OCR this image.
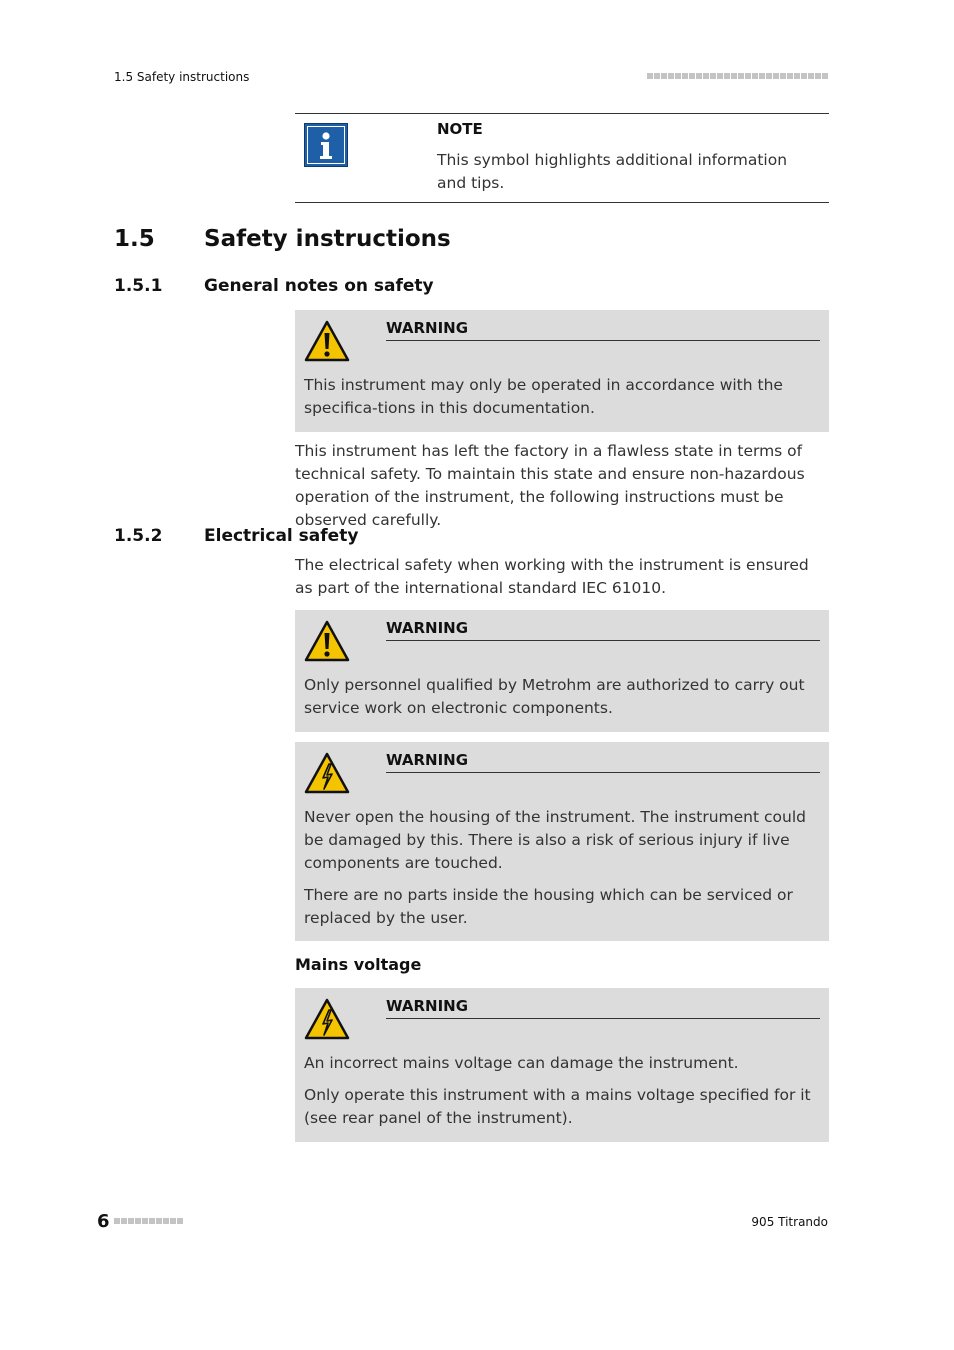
1.5 Safety instructions
NOTE
This symbol highlights additional information and tips.
1.5 Safety instructions
1.5.1 General notes on safety
WARNING

This instrument may only be operated in accordance with the specifica-tions in this documentation.

This instrument has left the factory in a flawless state in terms of technical safety. To maintain this state and ensure non-hazardous operation of the instrument, the following instructions must be observed carefully.

1.5.2 Electrical safety

The electrical safety when working with the instrument is ensured as part of the international standard IEC 61010.

WARNING

Only personnel qualified by Metrohm are authorized to carry out service work on electronic components.

WARNING

Never open the housing of the instrument. The instrument could be damaged by this. There is also a risk of serious injury if live components are touched.

There are no parts inside the housing which can be serviced or replaced by the user.

Mains voltage
WARNING

An incorrect mains voltage can damage the instrument.

Only operate this instrument with a mains voltage specified for it (see rear panel of the instrument).

6	905 Titrando
